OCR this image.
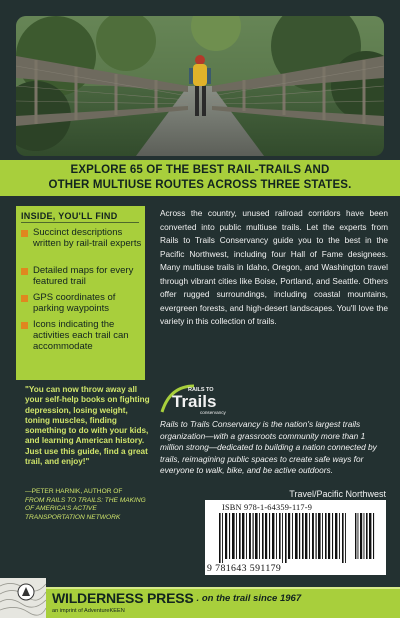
EXPLORE 65 OF THE BEST RAIL-TRAILS AND
OTHER MULTIUSE ROUTES ACROSS THREE STATES.
INSIDE, YOU'LL FIND
Succinct descriptions written by rail-trail experts
Detailed maps for every featured trail
GPS coordinates of parking waypoints
Icons indicating the activities each trail can accommodate
Across the country, unused railroad corridors have been converted into public multiuse trails. Let the experts from Rails to Trails Conservancy guide you to the best in the Pacific Northwest, including four Hall of Fame designees. Many multiuse trails in Idaho, Oregon, and Washington travel through vibrant cities like Boise, Portland, and Seattle. Others offer rugged surroundings, including coastal mountains, evergreen forests, and high-desert landscapes. You'll love the variety in this collection of trails.
RAILS TO
Trails
conservancy
Rails to Trails Conservancy is the nation's largest trails organization—with a grassroots community more than 1 million strong—dedicated to building a nation connected by trails, reimagining public spaces to create safe ways for everyone to walk, bike, and be active outdoors.
Travel/Pacific Northwest
ISBN 978-1-64359-117-9
9 781643 591179
"You can now throw away all your self-help books on fighting depression, losing weight, toning muscles, finding something to do with your kids, and learning American history. Just use this guide, find a great trail, and enjoy!"
—PETER HARNIK, AUTHOR OF
FROM RAILS TO TRAILS: THE MAKING OF AMERICA'S ACTIVE TRANSPORTATION NETWORK
WILDERNESS PRESS
. . . on the trail since 1967
an imprint of AdventureKEEN
